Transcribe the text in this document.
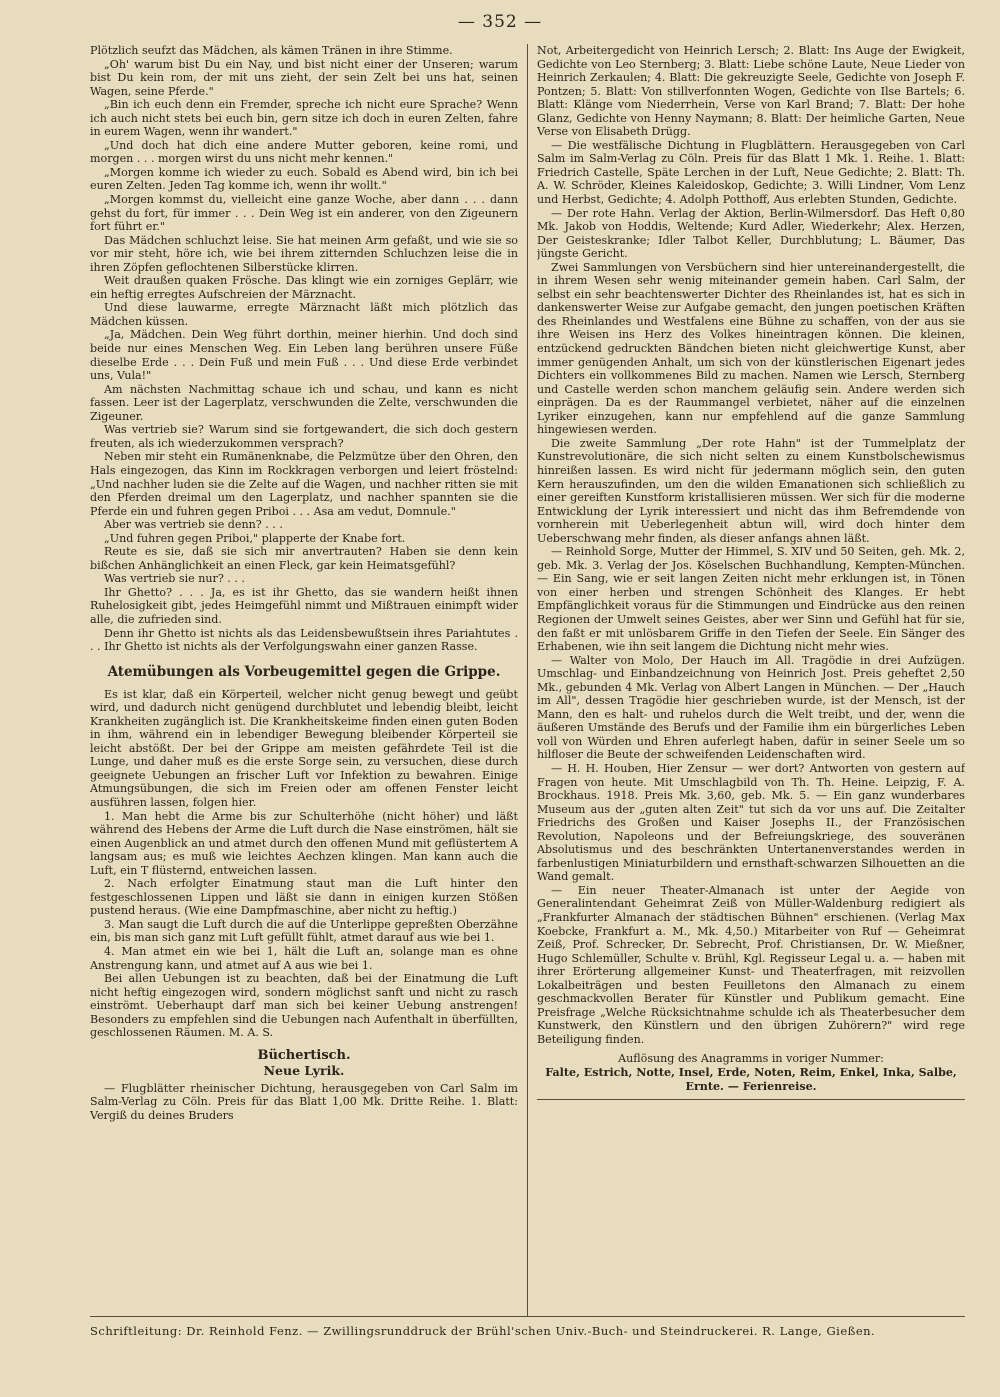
— 352 —

Plötzlich seufzt das Mädchen, als kämen Tränen in ihre Stimme.

„Oh' warum bist Du ein Nay, und bist nicht einer der Unseren; warum bist Du kein rom, der mit uns zieht, der sein Zelt bei uns hat, seinen Wagen, seine Pferde."

„Bin ich euch denn ein Fremder, spreche ich nicht eure Sprache? Wenn ich auch nicht stets bei euch bin, gern sitze ich doch in euren Zelten, fahre in eurem Wagen, wenn ihr wandert."

„Und doch hat dich eine andere Mutter geboren, keine romi, und morgen . . . morgen wirst du uns nicht mehr kennen."

„Morgen komme ich wieder zu euch. Sobald es Abend wird, bin ich bei euren Zelten. Jeden Tag komme ich, wenn ihr wollt."

„Morgen kommst du, vielleicht eine ganze Woche, aber dann . . . dann gehst du fort, für immer . . . Dein Weg ist ein anderer, von den Zigeunern fort führt er."

Das Mädchen schluchzt leise. Sie hat meinen Arm gefaßt, und wie sie so vor mir steht, höre ich, wie bei ihrem zitternden Schluchzen leise die in ihren Zöpfen geflochtenen Silberstücke klirren.

Weit draußen quaken Frösche. Das klingt wie ein zorniges Geplärr, wie ein heftig erregtes Aufschreien der Märznacht.

Und diese lauwarme, erregte Märznacht läßt mich plötzlich das Mädchen küssen.

„Ja, Mädchen. Dein Weg führt dorthin, meiner hierhin. Und doch sind beide nur eines Menschen Weg. Ein Leben lang berühren unsere Füße dieselbe Erde . . . Dein Fuß und mein Fuß . . . Und diese Erde verbindet uns, Vula!"

Am nächsten Nachmittag schaue ich und schau, und kann es nicht fassen. Leer ist der Lagerplatz, verschwunden die Zelte, verschwunden die Zigeuner.

Was vertrieb sie? Warum sind sie fortgewandert, die sich doch gestern freuten, als ich wiederzukommen versprach?

Neben mir steht ein Rumänenknabe, die Pelzmütze über den Ohren, den Hals eingezogen, das Kinn im Rockkragen verborgen und leiert fröstelnd: „Und nachher luden sie die Zelte auf die Wagen, und nachher ritten sie mit den Pferden dreimal um den Lagerplatz, und nachher spannten sie die Pferde ein und fuhren gegen Priboi . . . Asa am vedut, Domnule."

Aber was vertrieb sie denn? . . .

„Und fuhren gegen Priboi," plapperte der Knabe fort.

Reute es sie, daß sie sich mir anvertrauten? Haben sie denn kein bißchen Anhänglichkeit an einen Fleck, gar kein Heimatsgefühl?

Was vertrieb sie nur? . . .

Ihr Ghetto? . . . Ja, es ist ihr Ghetto, das sie wandern heißt ihnen Ruhelosigkeit gibt, jedes Heimgefühl nimmt und Mißtrauen einimpft wider alle, die zufrieden sind.

Denn ihr Ghetto ist nichts als das Leidensbewußtsein ihres Pariahtutes . . . Ihr Ghetto ist nichts als der Verfolgungswahn einer ganzen Rasse.

Atemübungen als Vorbeugemittel gegen die Grippe.

Es ist klar, daß ein Körperteil, welcher nicht genug bewegt und geübt wird, und dadurch nicht genügend durchblutet und lebendig bleibt, leicht Krankheiten zugänglich ist. Die Krankheitskeime finden einen guten Boden in ihm, während ein in lebendiger Bewegung bleibender Körperteil sie leicht abstößt. Der bei der Grippe am meisten gefährdete Teil ist die Lunge, und daher muß es die erste Sorge sein, zu versuchen, diese durch geeignete Uebungen an frischer Luft vor Infektion zu bewahren. Einige Atmungsübungen, die sich im Freien oder am offenen Fenster leicht ausführen lassen, folgen hier.

1. Man hebt die Arme bis zur Schulterhöhe (nicht höher) und läßt während des Hebens der Arme die Luft durch die Nase einströmen, hält sie einen Augenblick an und atmet durch den offenen Mund mit geflüstertem A langsam aus; es muß wie leichtes Aechzen klingen. Man kann auch die Luft, ein T flüsternd, entweichen lassen.

2. Nach erfolgter Einatmung staut man die Luft hinter den festgeschlossenen Lippen und läßt sie dann in einigen kurzen Stößen pustend heraus. (Wie eine Dampfmaschine, aber nicht zu heftig.)

3. Man saugt die Luft durch die auf die Unterlippe gepreßten Oberzähne ein, bis man sich ganz mit Luft gefüllt fühlt, atmet darauf aus wie bei 1.

4. Man atmet ein wie bei 1, hält die Luft an, solange man es ohne Anstrengung kann, und atmet auf A aus wie bei 1.

Bei allen Uebungen ist zu beachten, daß bei der Einatmung die Luft nicht heftig eingezogen wird, sondern möglichst sanft und nicht zu rasch einströmt. Ueberhaupt darf man sich bei keiner Uebung anstrengen! Besonders zu empfehlen sind die Uebungen nach Aufenthalt in überfüllten, geschlossenen Räumen. M. A. S.

Büchertisch.
Neue Lyrik.

— Flugblätter rheinischer Dichtung, herausgegeben von Carl Salm im Salm-Verlag zu Cöln. Preis für das Blatt 1,00 Mk. Dritte Reihe. 1. Blatt: Vergiß du deines Bruders

Not, Arbeitergedicht von Heinrich Lersch; 2. Blatt: Ins Auge der Ewigkeit, Gedichte von Leo Sternberg; 3. Blatt: Liebe schöne Laute, Neue Lieder von Heinrich Zerkaulen; 4. Blatt: Die gekreuzigte Seele, Gedichte von Joseph F. Pontzen; 5. Blatt: Von stillverfonnten Wogen, Gedichte von Ilse Bartels; 6. Blatt: Klänge vom Niederrhein, Verse von Karl Brand; 7. Blatt: Der hohe Glanz, Gedichte von Henny Naymann; 8. Blatt: Der heimliche Garten, Neue Verse von Elisabeth Drügg.

— Die westfälische Dichtung in Flugblättern. Herausgegeben von Carl Salm im Salm-Verlag zu Cöln. Preis für das Blatt 1 Mk. 1. Reihe. 1. Blatt: Friedrich Castelle, Späte Lerchen in der Luft, Neue Gedichte; 2. Blatt: Th. A. W. Schröder, Kleines Kaleidoskop, Gedichte; 3. Willi Lindner, Vom Lenz und Herbst, Gedichte; 4. Adolph Potthoff, Aus erlebten Stunden, Gedichte.

— Der rote Hahn. Verlag der Aktion, Berlin-Wilmersdorf. Das Heft 0,80 Mk. Jakob von Hoddis, Weltende; Kurd Adler, Wiederkehr; Alex. Herzen, Der Geisteskranke; Idler Talbot Keller, Durchblutung; L. Bäumer, Das jüngste Gericht.

Zwei Sammlungen von Versbüchern sind hier untereinandergestellt, die in ihrem Wesen sehr wenig miteinander gemein haben. Carl Salm, der selbst ein sehr beachtenswerter Dichter des Rheinlandes ist, hat es sich in dankenswerter Weise zur Aufgabe gemacht, den jungen poetischen Kräften des Rheinlandes und Westfalens eine Bühne zu schaffen, von der aus sie ihre Weisen ins Herz des Volkes hineintragen können. Die kleinen, entzückend gedruckten Bändchen bieten nicht gleichwertige Kunst, aber immer genügenden Anhalt, um sich von der künstlerischen Eigenart jedes Dichters ein vollkommenes Bild zu machen. Namen wie Lersch, Sternberg und Castelle werden schon manchem geläufig sein. Andere werden sich einprägen. Da es der Raummangel verbietet, näher auf die einzelnen Lyriker einzugehen, kann nur empfehlend auf die ganze Sammlung hingewiesen werden.

Die zweite Sammlung „Der rote Hahn" ist der Tummelplatz der Kunstrevolutionäre, die sich nicht selten zu einem Kunstbolschewismus hinreißen lassen. Es wird nicht für jedermann möglich sein, den guten Kern herauszufinden, um den die wilden Emanationen sich schließlich zu einer gereiften Kunstform kristallisieren müssen. Wer sich für die moderne Entwicklung der Lyrik interessiert und nicht das ihm Befremdende von vornherein mit Ueberlegenheit abtun will, wird doch hinter dem Ueberschwang mehr finden, als dieser anfangs ahnen läßt.

— Reinhold Sorge, Mutter der Himmel, S. XIV und 50 Seiten, geh. Mk. 2, geb. Mk. 3. Verlag der Jos. Köselschen Buchhandlung, Kempten-München. — Ein Sang, wie er seit langen Zeiten nicht mehr erklungen ist, in Tönen von einer herben und strengen Schönheit des Klanges. Er hebt Empfänglichkeit voraus für die Stimmungen und Eindrücke aus den reinen Regionen der Umwelt seines Geistes, aber wer Sinn und Gefühl hat für sie, den faßt er mit unlösbarem Griffe in den Tiefen der Seele. Ein Sänger des Erhabenen, wie ihn seit langem die Dichtung nicht mehr wies.

— Walter von Molo, Der Hauch im All. Tragödie in drei Aufzügen. Umschlag- und Einbandzeichnung von Heinrich Jost. Preis geheftet 2,50 Mk., gebunden 4 Mk. Verlag von Albert Langen in München. — Der „Hauch im All", dessen Tragödie hier geschrieben wurde, ist der Mensch, ist der Mann, den es halt- und ruhelos durch die Welt treibt, und der, wenn die äußeren Umstände des Berufs und der Familie ihm ein bürgerliches Leben voll von Würden und Ehren auferlegt haben, dafür in seiner Seele um so hilfloser die Beute der schweifenden Leidenschaften wird.

— H. H. Houben, Hier Zensur — wer dort? Antworten von gestern auf Fragen von heute. Mit Umschlagbild von Th. Th. Heine. Leipzig, F. A. Brockhaus. 1918. Preis Mk. 3,60, geb. Mk. 5. — Ein ganz wunderbares Museum aus der „guten alten Zeit" tut sich da vor uns auf. Die Zeitalter Friedrichs des Großen und Kaiser Josephs II., der Französischen Revolution, Napoleons und der Befreiungskriege, des souveränen Absolutismus und des beschränkten Untertanenverstandes werden in farbenlustigen Miniaturbildern und ernsthaft-schwarzen Silhouetten an die Wand gemalt.

— Ein neuer Theater-Almanach ist unter der Aegide von Generalintendant Geheimrat Zeiß von Müller-Waldenburg redigiert als „Frankfurter Almanach der städtischen Bühnen" erschienen. (Verlag Max Koebcke, Frankfurt a. M., Mk. 4,50.) Mitarbeiter von Ruf — Geheimrat Zeiß, Prof. Schrecker, Dr. Sebrecht, Prof. Christiansen, Dr. W. Mießner, Hugo Schlemüller, Schulte v. Brühl, Kgl. Regisseur Legal u. a. — haben mit ihrer Erörterung allgemeiner Kunst- und Theaterfragen, mit reizvollen Lokalbeiträgen und besten Feuilletons den Almanach zu einem geschmackvollen Berater für Künstler und Publikum gemacht. Eine Preisfrage „Welche Rücksichtnahme schulde ich als Theaterbesucher dem Kunstwerk, den Künstlern und den übrigen Zuhörern?" wird rege Beteiligung finden.

Auflösung des Anagramms in voriger Nummer:

Falte, Estrich, Notte, Insel, Erde, Noten, Reim, Enkel, Inka, Salbe, Ernte. — Ferienreise.

Schriftleitung: Dr. Reinhold Fenz. — Zwillingsrunddruck der Brühl'schen Univ.-Buch- und Steindruckerei. R. Lange, Gießen.
